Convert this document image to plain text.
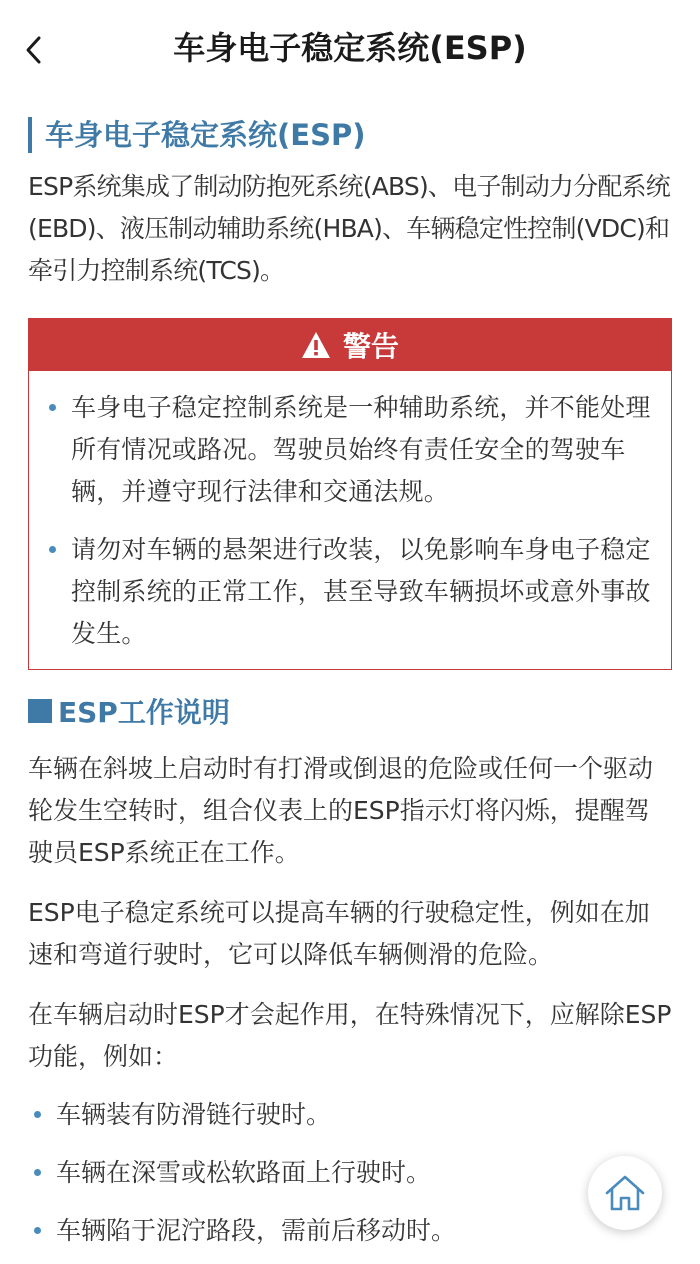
车身电子稳定系统(ESP)
车身电子稳定系统(ESP)

ESP系统集成了制动防抱死系统(ABS)、电子制动力分配系统(EBD)、液压制动辅助系统(HBA)、车辆稳定性控制(VDC)和牵引力控制系统(TCS)。

警告
车身电子稳定控制系统是一种辅助系统，并不能处理所有情况或路况。驾驶员始终有责任安全的驾驶车辆，并遵守现行法律和交通法规。
请勿对车辆的悬架进行改装，以免影响车身电子稳定控制系统的正常工作，甚至导致车辆损坏或意外事故发生。
ESP工作说明

车辆在斜坡上启动时有打滑或倒退的危险或任何一个驱动轮发生空转时，组合仪表上的ESP指示灯将闪烁，提醒驾驶员ESP系统正在工作。

ESP电子稳定系统可以提高车辆的行驶稳定性，例如在加速和弯道行驶时，它可以降低车辆侧滑的危险。

在车辆启动时ESP才会起作用，在特殊情况下，应解除ESP功能，例如：

车辆装有防滑链行驶时。
车辆在深雪或松软路面上行驶时。
车辆陷于泥泞路段，需前后移动时。
